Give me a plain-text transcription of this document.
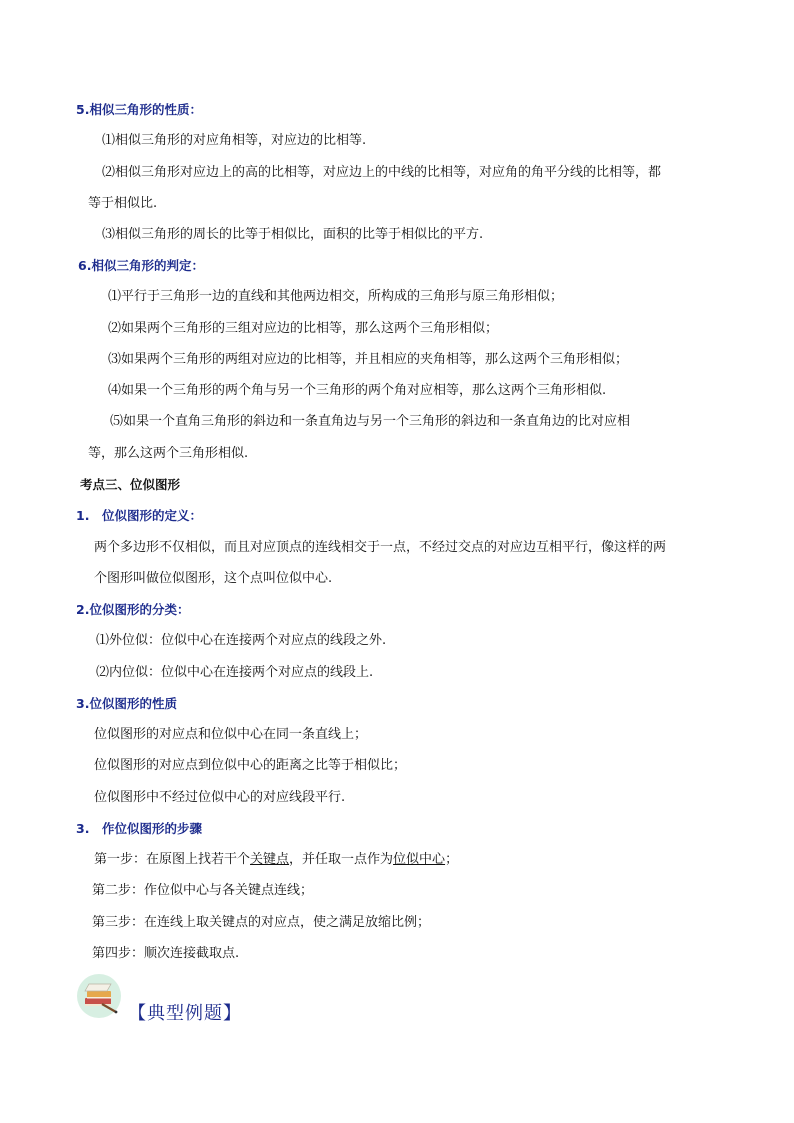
5.相似三角形的性质：
⑴相似三角形的对应角相等，对应边的比相等.
⑵相似三角形对应边上的高的比相等，对应边上的中线的比相等，对应角的角平分线的比相等，都
等于相似比.
⑶相似三角形的周长的比等于相似比，面积的比等于相似比的平方.
6.相似三角形的判定：
⑴平行于三角形一边的直线和其他两边相交，所构成的三角形与原三角形相似；
⑵如果两个三角形的三组对应边的比相等，那么这两个三角形相似；
⑶如果两个三角形的两组对应边的比相等，并且相应的夹角相等，那么这两个三角形相似；
⑷如果一个三角形的两个角与另一个三角形的两个角对应相等，那么这两个三角形相似.
⑸如果一个直角三角形的斜边和一条直角边与另一个三角形的斜边和一条直角边的比对应相
等，那么这两个三角形相似.
考点三、位似图形
1.　位似图形的定义：
两个多边形不仅相似，而且对应顶点的连线相交于一点，不经过交点的对应边互相平行，像这样的两
个图形叫做位似图形，这个点叫位似中心.
2.位似图形的分类：
⑴外位似：位似中心在连接两个对应点的线段之外.
⑵内位似：位似中心在连接两个对应点的线段上.
3.位似图形的性质
位似图形的对应点和位似中心在同一条直线上；
位似图形的对应点到位似中心的距离之比等于相似比；
位似图形中不经过位似中心的对应线段平行.
3.　作位似图形的步骤
第一步：在原图上找若干个关键点，并任取一点作为位似中心；
第二步：作位似中心与各关键点连线；
第三步：在连线上取关键点的对应点，使之满足放缩比例；
第四步：顺次连接截取点.
【典型例题】
